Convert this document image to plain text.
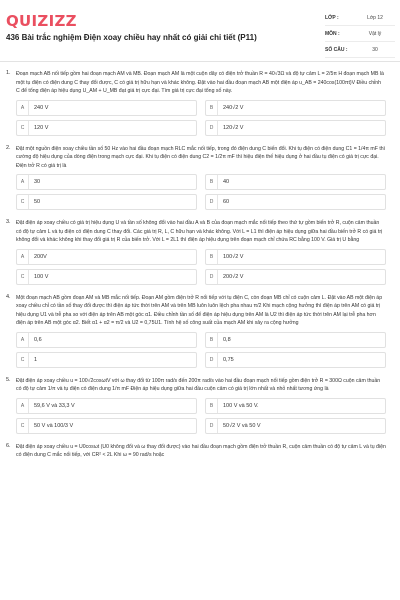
QUIZIZZ
436 Bài trắc nghiệm Điện xoay chiều hay nhất có giải chi tiết (P11)
LỚP :	Lớp 12
MÔN :	Vật lý
SỐ CÂU :	30
1. Đoạn mạch AB nối tiếp gồm hai đoạn mạch AM và MB. Đoạn mạch AM là một cuộn dây có điện trở thuần R = 40√3Ω và độ tự cảm L = 2/5π H đoạn mạch MB là một tụ điện có điện dung C thay đổi được, C có giá trị hữu hạn và khác không. Đặt vào hai đầu đoạn mạch AB một điện áp u_AB = 240cos(100πt)V Điều chỉnh C để tổng điện áp hiệu dụng U_AM + U_MB đạt giá trị cực đại. Tìm giá trị cực đại tổng số này.
A	240 V	B	240√2 V
C	120 V	D	120√2 V
2. Đặt một nguồn điện xoay chiều tần số 50 Hz vào hai đầu đoạn mạch RLC mắc nối tiếp, trong đó điện dung C biến đổi. Khi tụ điện có điện dung C1 = 1/4π mF thì cường độ hiệu dụng của dòng điện trong mạch cực đại. Khi tụ điện có điện dung C2 = 1/2π mF thì hiệu điện thế hiệu dụng ở hai đầu tụ điện có giá trị cực đại. Điện trở R có giá trị là
A	30	B	40
C	50	D	60
3. Đặt điện áp xoay chiều có giá trị hiệu dụng U và tần số không đổi vào hai đầu A và B của đoạn mạch mắc nối tiếp theo thứ tự gồm biến trở R, cuộn cảm thuần có độ tự cảm L và tụ điện có điện dung C thay đổi. Các giá trị R, L, C hữu hạn và khác không. Với L = L1 thì điện áp hiệu dụng giữa hai đầu biến trở R có giá trị không đổi và khác không khi thay đổi giá trị R của biến trở. Với L = 2L1 thì điện áp hiệu dụng trên đoạn mạch chỉ chứa RC bằng 100 V. Giá trị U bằng
A	200V	B	100√2 V
C	100 V	D	200√2 V
4. Một đoạn mạch AB gồm đoạn AM và MB mắc nối tiếp. Đoạn AM gồm điện trở R nối tiếp với tụ điện C, còn đoạn MB chỉ có cuộn cảm L. Đặt vào AB một điện áp xoay chiều chỉ có tần số thay đổi được thì điện áp tức thời trên AM và trên MB luôn luôn lệch pha nhau π/2 Khi mạch cộng hưởng thì điện áp trên AM có giá trị hiệu dụng U1 và trễ pha so với điện áp trên AB một góc α1. Điều chỉnh tần số để điện áp hiệu dụng trên AM là U2 thì điện áp tức thời trên AM lại trễ pha hơn điện áp trên AB một góc α2. Biết α1 + α2 = π/2 và U2 = 0,75U1. Tính hệ số công suất của mạch AM khi xảy ra cộng hưởng
A	0,6	B	0,8
C	1	D	0,75
5. Đặt điện áp xoay chiều u = 100√2cosωtV với ω thay đổi từ 100π rad/s đến 200π rad/s vào hai đầu đoạn mạch nối tiếp gồm điện trở R = 300Ω cuộn cảm thuần có độ tự cảm 1/π và tụ điện có điện dung 1/π mF Điện áp hiệu dụng giữa hai đầu cuộn cảm có giá trị lớn nhất và nhỏ nhất tương ứng là
A	59,6 V và 33,3 V	B	100 V và 50 V.
C	50 V và 100/3 V	D	50√2 V và 50 V
6. Đặt điện áp xoay chiều u = U0cosωt (U0 không đổi và ω thay đổi được) vào hai đầu đoạn mạch gồm điện trở thuần R, cuộn cảm thuần có độ tự cảm L và tụ điện có điện dung C mắc nối tiếp, với CR² < 2L Khi ω = 90 rad/s hoặc
